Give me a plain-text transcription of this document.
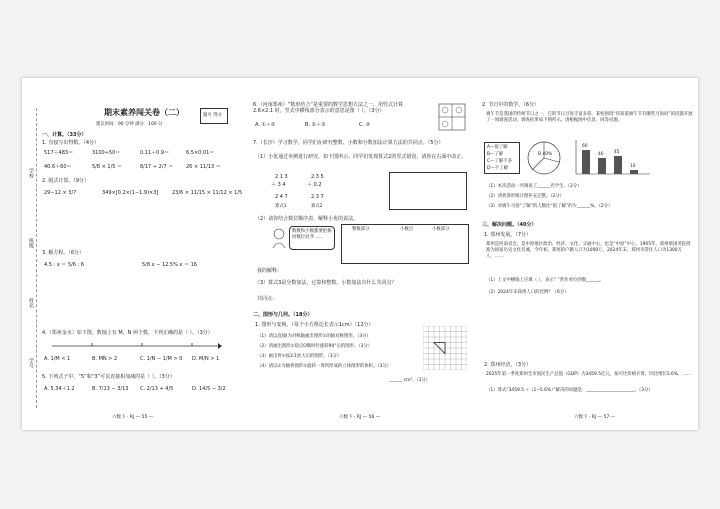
学校
班级
姓名
学号
期末素养闯关卷（二）
建议时间：90 分钟 满分：100 分
题号 得分
一、计算。（33分）
1. 直接写出得数。（4分）
517＋483＝	3100÷50＝	0.11＋0.9＝	6.5×0.01＝
40.6＋60＝	5/8 × 1/5 ＝	8/17 ÷ 2/7 ＝	26 × 11/13 ＝
2. 脱式计算。（9分）
29−12 × 3/7	349×[0.2×(1−1.9)×3]	23/6 × 11/15 × 11/12 × 1/5
3. 解方程。（6分）
4.5 : x ＝ 5/6 : 6	5/8 x − 12.5% x ＝ 16
4.（郑州金水）如下图，数轴上有 M、N 两个数，下列正确的是（ ）。（3分）
A. 1/M < 1	B. MN > 2	C. 1/N − 1/M > 0 D. M/N > 1
5. 下列式子中，“5”和“3”可以直接相加减的是（ ）。（3分）
A. 5.34＋1.2	B. 7/13 − 3/13 C. 2/13 + 4/5	D. 14/5 − 3/2
六数下 · RJ — 55 —
6.（河南郑州）“数形结合”是重要的数学思想方法之一，用竖式计算 2.6×2.1 时，竖式中横线部分表示的意思是图（ ）。（3分）
A. ①＋②	B. ②＋③	C. ③
7.（长沙）学习数学，同学们在研究整数、小数和分数加法计算方法的共同点。（5分）
（1）小优通过举例进行研究，如下图所示。同学们发现算式2的竖式错误，请你在右面中改正。
2 1 3
＋ 3 4
2 4 7
2.3 5
＋ 0.2
2.3 7
算式1	算式2
（2）请你结合数位顺序表，解释小优的说法。
数数和小数都要把相同数位对齐……
整数部分	小数点	小数部分
我的解释：
（3）算式3是分数加法，它算和整数、小数加法有什么共同点？
共同点：
二、图形与几何。（18分）
1. 图形与变换。（每个小方格边长表示1cm）（12分）
（1）请以直线l为对称轴画出图形①的轴对称图形。（3分）
（2）请画出图形①绕点O顺时针旋转90°后的图形。（3分）
（3）画出将①按2∶1放大后的图形。（3分）
（4）请以①为轴将图形①旋转一周所形成的立体图形的体积。（3分）
______ cm³。（3分）
六数下 · RJ — 56 —
2. 节日中的数学。（6分）
端午节是我国的传统节日之一，它的节日习俗丰富多彩。某校围绕“你知道端午节有哪些习俗吗”的话题开展了一项调查活动，调查结果如下图所示。请根据图中信息，回答问题。
A—很了解
B—了解
C—了解不多
D—不了解
B 40%
60
40 45
10
（1）本次活动一共调查了______名学生。（2分）
（2）请将条形统计图补充完整。（2分）
（3）对端午习俗“了解”的人数比“很了解”的少______%。（2分）
三、解决问题。（40分）
1. 郑州发展。（7分）
郑州是河南省会，是中原地区政治、经济、文化、交通中心，也是“中原”中心，1905年，郑州被国务院批准为国家历史文化名城，今年初，郑州的户籍人口为1000万，2024年末，郑州市常住人口为1300万人，……
（1）上文中横线上应填（ ），表示“ ”常作单位的数______。
（2）2024年末郑州人口的比例？（6分）
2. 郑州经济。（3分）
2025年第一季度郑州全市国民生产总值（GDP）为3459.5亿元，按可比价格计算，同比增长5.6%，……
（1）算式“3459.5 ÷（1−5.6%）”解决的问题是：______________________。（3分）
六数下 · RJ — 57 —
